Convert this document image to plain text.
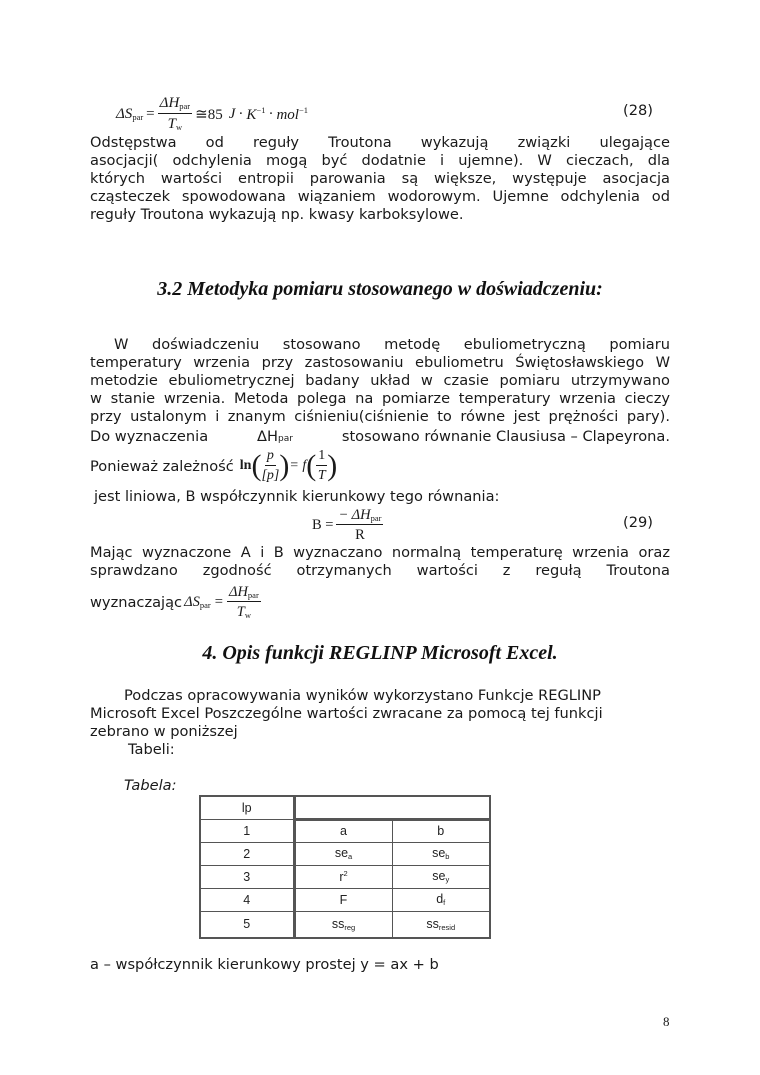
$\Delta S_{par} = \frac{\Delta H_{par}}{T_w}$ ≅85 $J \cdot K^{-1} \cdot mol^{-1}$	(28)
Odstępstwa od reguły Troutona wykazują związki ulegające
asocjacji( odchylenia mogą być dodatnie i ujemne). W cieczach, dla
których wartości entropii parowania są większe, występuje asocjacja
cząsteczek spowodowana wiązaniem wodorowym. Ujemne odchylenia od
reguły Troutona wykazują np. kwasy karboksylowe.
3.2 Metodyka pomiaru stosowanego w doświadczeniu:
W doświadczeniu stosowano metodę ebuliometryczną pomiaru
temperatury wrzenia przy zastosowaniu ebuliometru Świętosławskiego W
metodzie ebuliometrycznej badany układ w czasie pomiaru utrzymywano
w stanie wrzenia. Metoda polega na pomiarze temperatury wrzenia cieczy
przy ustalonym i znanym ciśnieniu(ciśnienie to równe jest prężności pary).
Do wyznaczenia	ΔHpar	stosowano równanie Clausiusa – Clapeyrona.
Ponieważ zależność ln ( $\frac{p}{[p]}$ ) = f ( $\frac{1}{T}$ )
jest liniowa, B współczynnik kierunkowy tego równania:
$B = \frac{- \Delta H_{par}}{R}$	(29)
Mając wyznaczone A i B wyznaczano normalną temperaturę wrzenia oraz
sprawdzano zgodność otrzymanych wartości z regułą Troutona
wyznaczając $\Delta S_{par} = \frac{\Delta H_{par}}{T_w}$
4. Opis funkcji REGLINP Microsoft Excel.
Podczas opracowywania wyników wykorzystano Funkcje REGLINP
Microsoft Excel Poszczególne wartości zwracane za pomocą tej funkcji
zebrano w poniższej
Tabeli:
Tabela:
lp		
1	a	b
2	sea	seb
3	$r^2$	sey
4	F	df
5	ssreg	ssresid
a – współczynnik kierunkowy prostej y = ax + b
8
